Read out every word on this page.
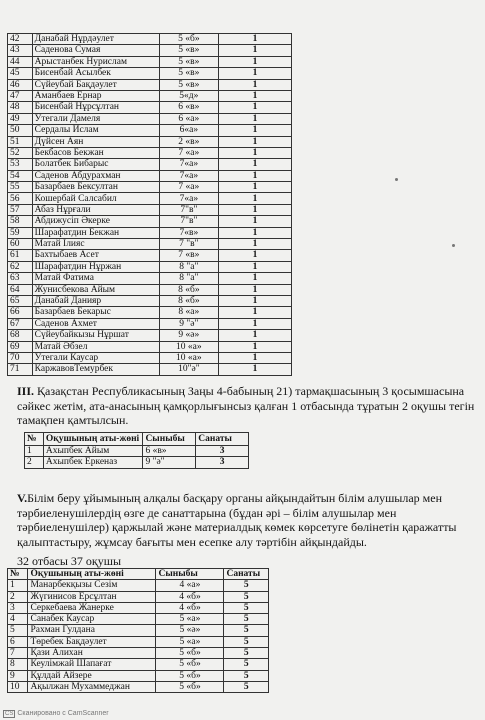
42	Данабай Нұрдәулет	5 «б»	1
43	Саденова Сумая	5 «в»	1
44	Арыстанбек Нурислам	5 «в»	1
45	Бисенбай Асылбек	5 «в»	1
46	Сүйеубай Бақдәулет	5 «в»	1
47	Аманбаев Ернар	5«д»	1
48	Бисенбай Нұрсұлтан	6 «в»	1
49	Утегали Дамеля	6 «а»	1
50	Сердалы Ислам	6«а»	1
51	Дүйсен Аян	2 «в»	1
52	Бекбасов Бекжан	7 «а»	1
53	Болатбек Бибарыс	7«а»	1
54	Саденов Абдурахман	7«а»	1
55	Базарбаев Бексултан	7 «а»	1
56	Кошербай Салсабил	7«а»	1
57	Абаз Нұрғали	7"в"	1
58	Абдижусіп Әкерке	7"в"	1
59	Шарафатдин Бекжан	7«в»	1
60	Матай Ілияс	7 "в"	1
61	Бахтыбаев Асет	7 «в»	1
62	Шарафатдин Нұржан	8 "а"	1
63	Матай Фатима	8 "а"	1
64	Жунисбекова Айым	8 «б»	1
65	Данабай Данияр	8 «б»	1
66	Базарбаев Бекарыс	8 «а»	1
67	Саденов Ахмет	9 "ә"	1
68	Сүйеубайкызы Нұршат	9 «ә»	1
69	Матай Әбзел	10 «а»	1
70	Утегали Каусар	10 «а»	1
71	КаржавовТемурбек	10"ә"	1
III. Қазақстан Республикасының Заңы 4-бабының 21) тармақшасының 3 қосымшасына сәйкес жетім, ата-анасының қамқорлығынсыз қалған 1 отбасында тұратын 2 оқушы тегін тамақпен қамтылсын.
№	Оқушының аты-жөні	Сыныбы	Санаты
1	Ахыпбек Айым	6 «в»	3
2	Ахыпбек Еркеназ	9 "ә"	3
V.Білім беру ұйымының алқалы басқару органы айқындайтын білім алушылар мен тәрбиеленушілердің өзге де санаттарына (бұдан әрі – білім алушылар мен тәрбиеленушілер) қаржылай және материалдық көмек көрсетуге бөлінетін қаражатты қалыптастыру, жұмсау бағыты мен есепке алу тәртібін айқындайды.
32 отбасы 37 оқушы
№	Оқушының аты-жөні	Сыныбы	Санаты
1	Манарбекқызы Сезім	4 «а»	5
2	Жүгинисов Ерсұлтан	4 «б»	5
3	Серкебаева Жанерке	4 «б»	5
4	Санабек Каусар	5 «а»	5
5	Рахман Гулдана	5 «ә»	5
6	Төребек Бақдәулет	5 «а»	5
7	Қази Алихан	5 «б»	5
8	Кеулімжай Шапағат	5 «б»	5
9	Құлдай Айзере	5 «б»	5
10	Ақылжан Мухаммеджан	5 «б»	5
CS Сканировано с CamScanner
